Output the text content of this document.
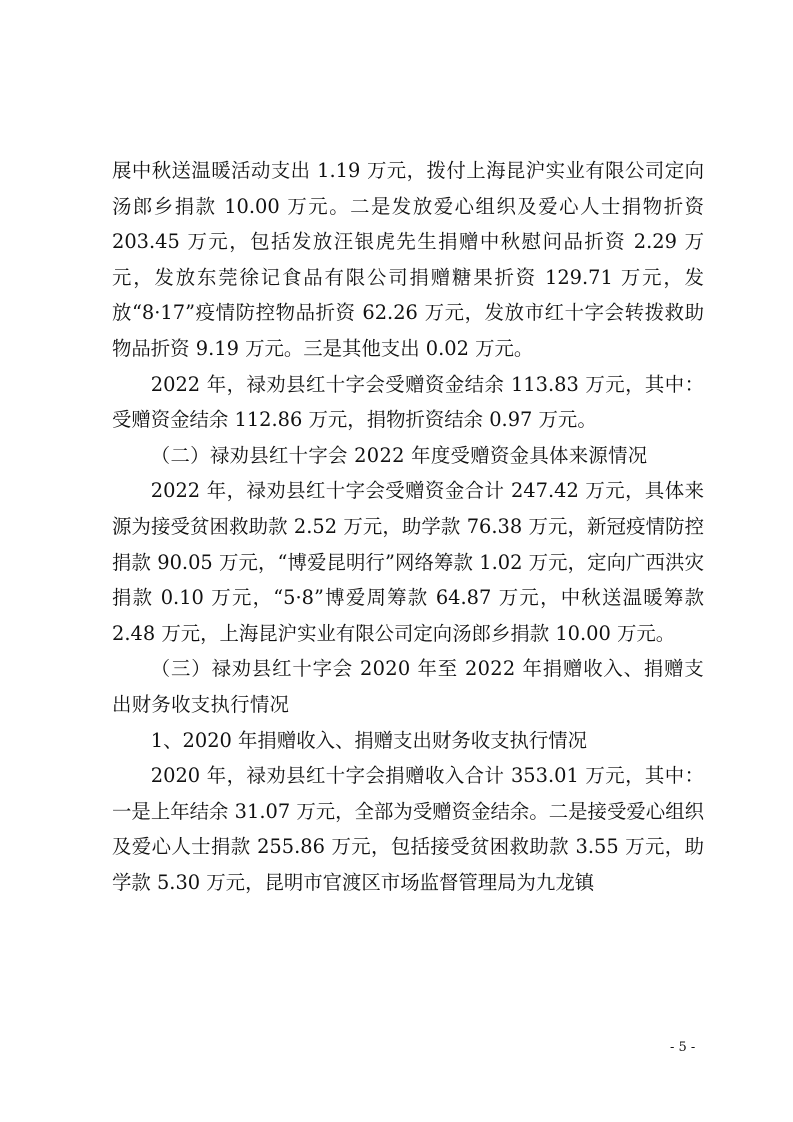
展中秋送温暖活动支出 1.19 万元，拨付上海昆沪实业有限公司定向汤郎乡捐款 10.00 万元。二是发放爱心组织及爱心人士捐物折资 203.45 万元，包括发放汪银虎先生捐赠中秋慰问品折资 2.29 万元，发放东莞徐记食品有限公司捐赠糖果折资 129.71 万元，发放“8·17”疫情防控物品折资 62.26 万元，发放市红十字会转拨救助物品折资 9.19 万元。三是其他支出 0.02 万元。

2022 年，禄劝县红十字会受赠资金结余 113.83 万元，其中：受赠资金结余 112.86 万元，捐物折资结余 0.97 万元。

（二）禄劝县红十字会 2022 年度受赠资金具体来源情况

2022 年，禄劝县红十字会受赠资金合计 247.42 万元，具体来源为接受贫困救助款 2.52 万元，助学款 76.38 万元，新冠疫情防控捐款 90.05 万元，“博爱昆明行”网络筹款 1.02 万元，定向广西洪灾捐款 0.10 万元，“5·8”博爱周筹款 64.87 万元，中秋送温暖筹款 2.48 万元，上海昆沪实业有限公司定向汤郎乡捐款 10.00 万元。

（三）禄劝县红十字会 2020 年至 2022 年捐赠收入、捐赠支出财务收支执行情况

1、2020 年捐赠收入、捐赠支出财务收支执行情况

2020 年，禄劝县红十字会捐赠收入合计 353.01 万元，其中：一是上年结余 31.07 万元，全部为受赠资金结余。二是接受爱心组织及爱心人士捐款 255.86 万元，包括接受贫困救助款 3.55 万元，助学款 5.30 万元，昆明市官渡区市场监督管理局为九龙镇

- 5 -
